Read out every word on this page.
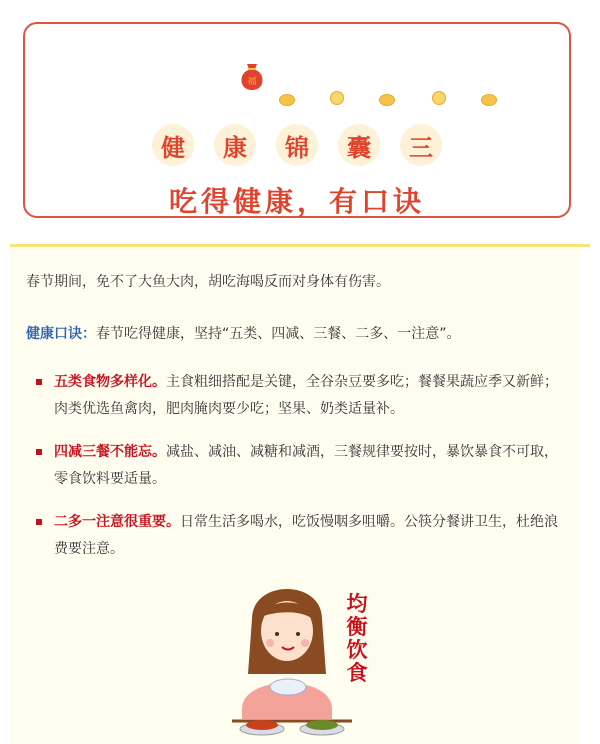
福
健	康	锦	囊	三
吃得健康，有口诀
春节期间，免不了大鱼大肉，胡吃海喝反而对身体有伤害。
健康口诀：春节吃得健康，坚持“五类、四减、三餐、二多、一注意”。
五类食物多样化。主食粗细搭配是关键，全谷杂豆要多吃；餐餐果蔬应季又新鲜；肉类优选鱼禽肉，肥肉腌肉要少吃；坚果、奶类适量补。
四减三餐不能忘。减盐、减油、减糖和减酒，三餐规律要按时，暴饮暴食不可取，零食饮料要适量。
二多一注意很重要。日常生活多喝水，吃饭慢咽多咀嚼。公筷分餐讲卫生，杜绝浪费要注意。
均
衡
饮
食
